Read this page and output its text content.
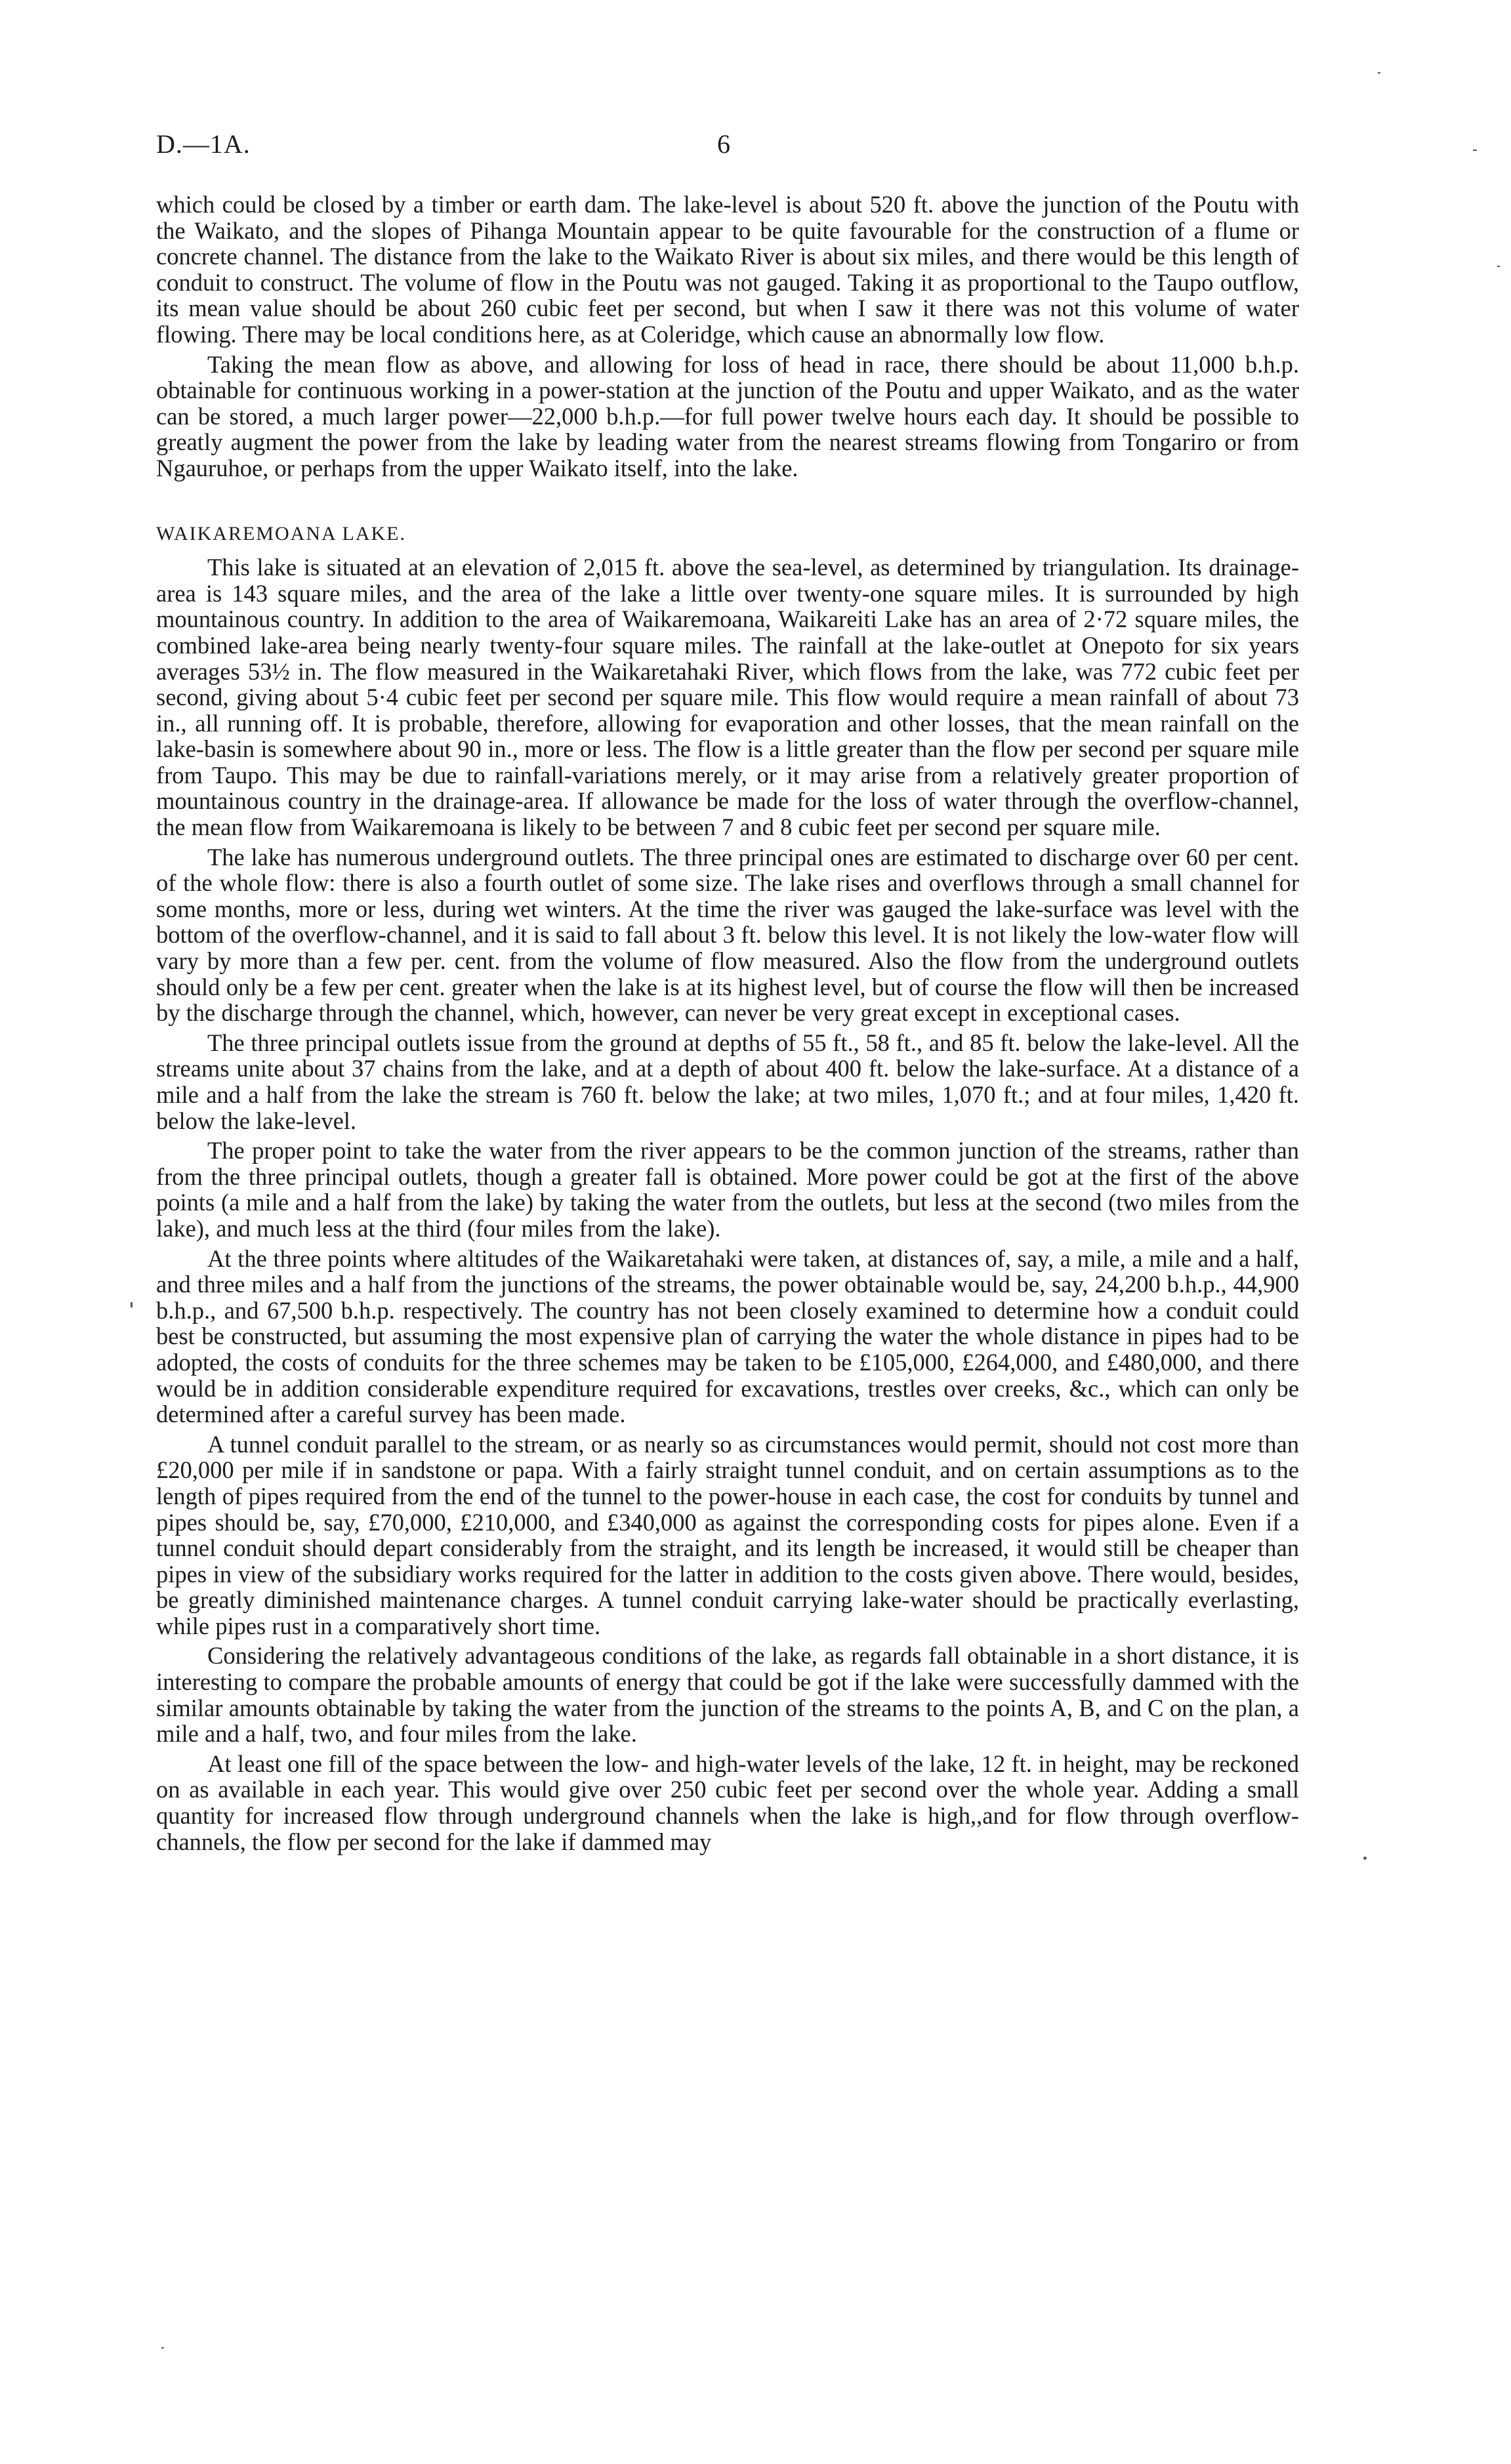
D.—1A.	6

which could be closed by a timber or earth dam. The lake-level is about 520 ft. above the junction of the Poutu with the Waikato, and the slopes of Pihanga Mountain appear to be quite favourable for the construction of a flume or concrete channel. The distance from the lake to the Waikato River is about six miles, and there would be this length of conduit to construct. The volume of flow in the Poutu was not gauged. Taking it as proportional to the Taupo outflow, its mean value should be about 260 cubic feet per second, but when I saw it there was not this volume of water flowing. There may be local conditions here, as at Coleridge, which cause an abnormally low flow.

Taking the mean flow as above, and allowing for loss of head in race, there should be about 11,000 b.h.p. obtainable for continuous working in a power-station at the junction of the Poutu and upper Waikato, and as the water can be stored, a much larger power—22,000 b.h.p.—for full power twelve hours each day. It should be possible to greatly augment the power from the lake by leading water from the nearest streams flowing from Tongariro or from Ngauruhoe, or perhaps from the upper Waikato itself, into the lake.

WAIKAREMOANA LAKE.

This lake is situated at an elevation of 2,015 ft. above the sea-level, as determined by triangulation. Its drainage-area is 143 square miles, and the area of the lake a little over twenty-one square miles. It is surrounded by high mountainous country. In addition to the area of Waikaremoana, Waikareiti Lake has an area of 2·72 square miles, the combined lake-area being nearly twenty-four square miles. The rainfall at the lake-outlet at Onepoto for six years averages 53½ in. The flow measured in the Waikaretahaki River, which flows from the lake, was 772 cubic feet per second, giving about 5·4 cubic feet per second per square mile. This flow would require a mean rainfall of about 73 in., all running off. It is probable, therefore, allowing for evaporation and other losses, that the mean rainfall on the lake-basin is somewhere about 90 in., more or less. The flow is a little greater than the flow per second per square mile from Taupo. This may be due to rainfall-variations merely, or it may arise from a relatively greater proportion of mountainous country in the drainage-area. If allowance be made for the loss of water through the overflow-channel, the mean flow from Waikaremoana is likely to be between 7 and 8 cubic feet per second per square mile.

The lake has numerous underground outlets. The three principal ones are estimated to discharge over 60 per cent. of the whole flow: there is also a fourth outlet of some size. The lake rises and overflows through a small channel for some months, more or less, during wet winters. At the time the river was gauged the lake-surface was level with the bottom of the overflow-channel, and it is said to fall about 3 ft. below this level. It is not likely the low-water flow will vary by more than a few per. cent. from the volume of flow measured. Also the flow from the underground outlets should only be a few per cent. greater when the lake is at its highest level, but of course the flow will then be increased by the discharge through the channel, which, however, can never be very great except in exceptional cases.

The three principal outlets issue from the ground at depths of 55 ft., 58 ft., and 85 ft. below the lake-level. All the streams unite about 37 chains from the lake, and at a depth of about 400 ft. below the lake-surface. At a distance of a mile and a half from the lake the stream is 760 ft. below the lake; at two miles, 1,070 ft.; and at four miles, 1,420 ft. below the lake-level.

The proper point to take the water from the river appears to be the common junction of the streams, rather than from the three principal outlets, though a greater fall is obtained. More power could be got at the first of the above points (a mile and a half from the lake) by taking the water from the outlets, but less at the second (two miles from the lake), and much less at the third (four miles from the lake).

At the three points where altitudes of the Waikaretahaki were taken, at distances of, say, a mile, a mile and a half, and three miles and a half from the junctions of the streams, the power obtainable would be, say, 24,200 b.h.p., 44,900 b.h.p., and 67,500 b.h.p. respectively. The country has not been closely examined to determine how a conduit could best be constructed, but assuming the most expensive plan of carrying the water the whole distance in pipes had to be adopted, the costs of conduits for the three schemes may be taken to be £105,000, £264,000, and £480,000, and there would be in addition considerable expenditure required for excavations, trestles over creeks, &c., which can only be determined after a careful survey has been made.

A tunnel conduit parallel to the stream, or as nearly so as circumstances would permit, should not cost more than £20,000 per mile if in sandstone or papa. With a fairly straight tunnel conduit, and on certain assumptions as to the length of pipes required from the end of the tunnel to the power-house in each case, the cost for conduits by tunnel and pipes should be, say, £70,000, £210,000, and £340,000 as against the corresponding costs for pipes alone. Even if a tunnel conduit should depart considerably from the straight, and its length be increased, it would still be cheaper than pipes in view of the subsidiary works required for the latter in addition to the costs given above. There would, besides, be greatly diminished maintenance charges. A tunnel conduit carrying lake-water should be practically everlasting, while pipes rust in a comparatively short time.

Considering the relatively advantageous conditions of the lake, as regards fall obtainable in a short distance, it is interesting to compare the probable amounts of energy that could be got if the lake were successfully dammed with the similar amounts obtainable by taking the water from the junction of the streams to the points A, B, and C on the plan, a mile and a half, two, and four miles from the lake.

At least one fill of the space between the low- and high-water levels of the lake, 12 ft. in height, may be reckoned on as available in each year. This would give over 250 cubic feet per second over the whole year. Adding a small quantity for increased flow through underground channels when the lake is high,,and for flow through overflow-channels, the flow per second for the lake if dammed may
